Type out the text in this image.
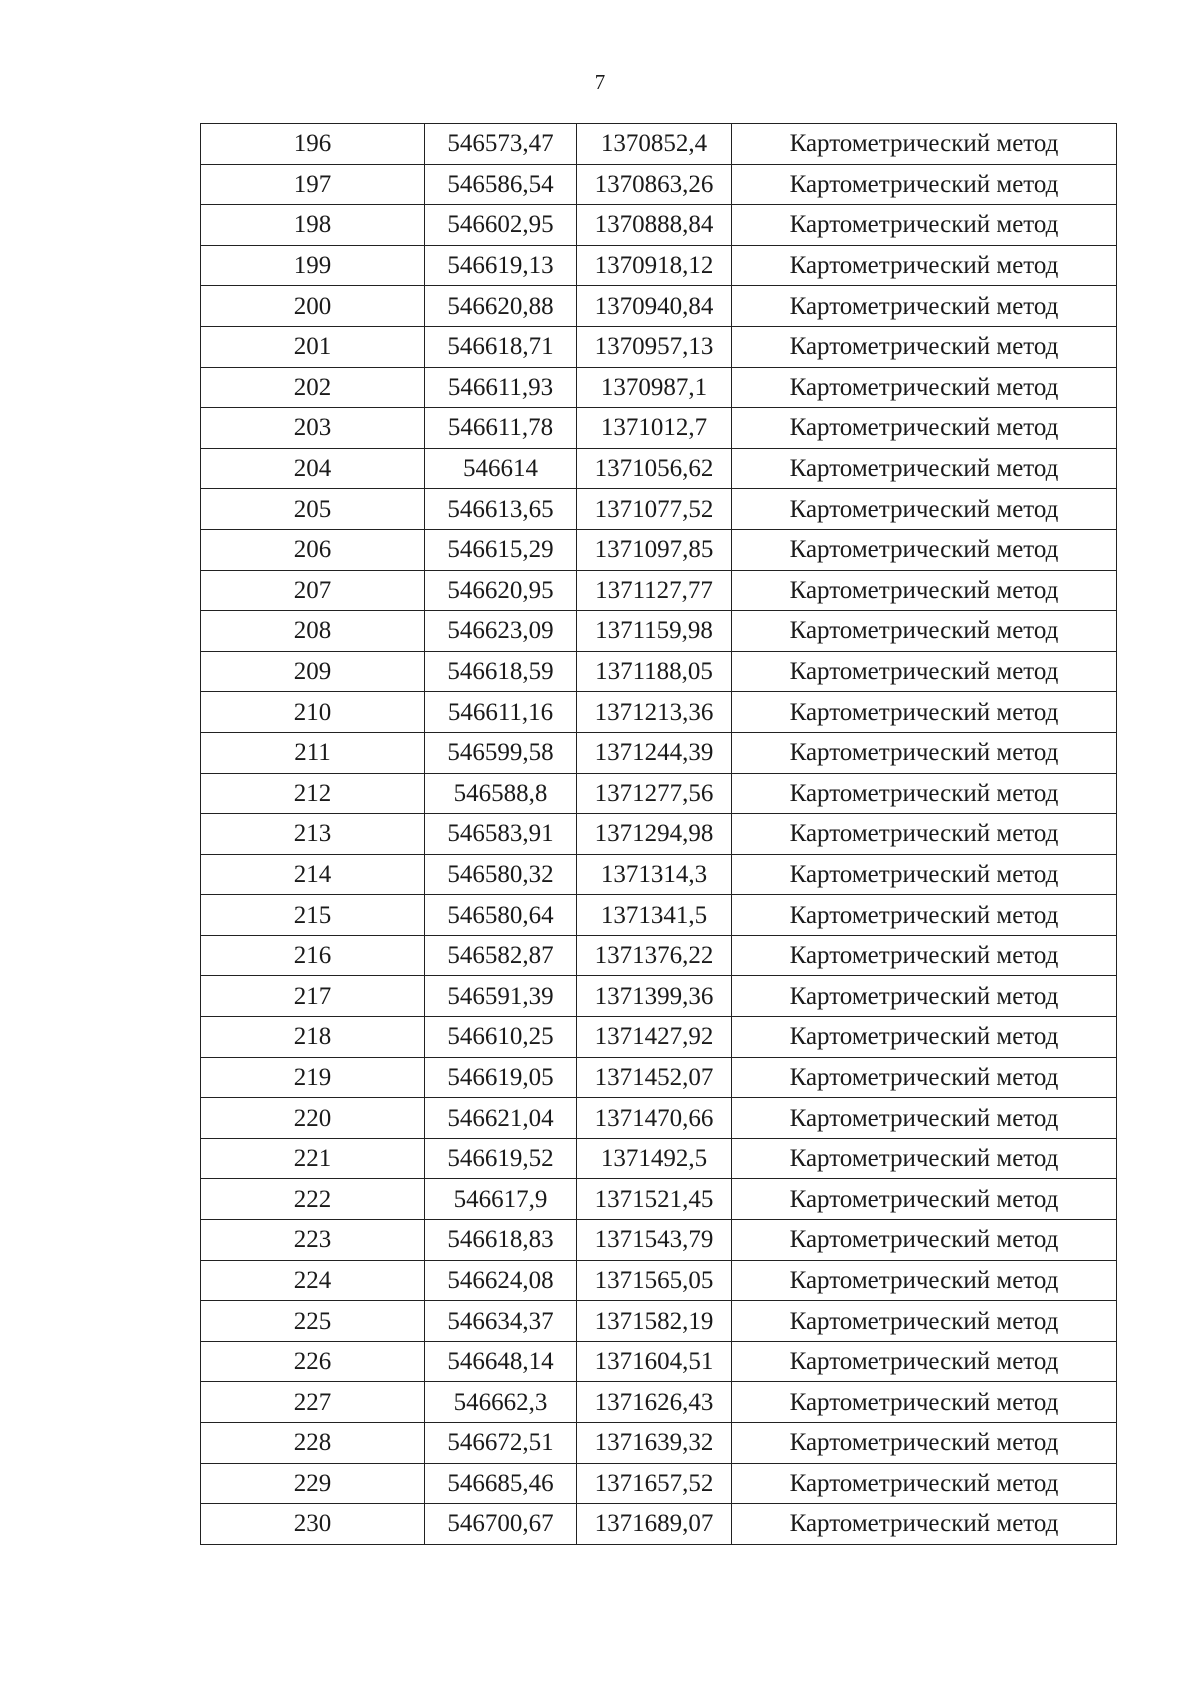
7
196	546573,47	1370852,4	Картометрический метод
197	546586,54	1370863,26	Картометрический метод
198	546602,95	1370888,84	Картометрический метод
199	546619,13	1370918,12	Картометрический метод
200	546620,88	1370940,84	Картометрический метод
201	546618,71	1370957,13	Картометрический метод
202	546611,93	1370987,1	Картометрический метод
203	546611,78	1371012,7	Картометрический метод
204	546614	1371056,62	Картометрический метод
205	546613,65	1371077,52	Картометрический метод
206	546615,29	1371097,85	Картометрический метод
207	546620,95	1371127,77	Картометрический метод
208	546623,09	1371159,98	Картометрический метод
209	546618,59	1371188,05	Картометрический метод
210	546611,16	1371213,36	Картометрический метод
211	546599,58	1371244,39	Картометрический метод
212	546588,8	1371277,56	Картометрический метод
213	546583,91	1371294,98	Картометрический метод
214	546580,32	1371314,3	Картометрический метод
215	546580,64	1371341,5	Картометрический метод
216	546582,87	1371376,22	Картометрический метод
217	546591,39	1371399,36	Картометрический метод
218	546610,25	1371427,92	Картометрический метод
219	546619,05	1371452,07	Картометрический метод
220	546621,04	1371470,66	Картометрический метод
221	546619,52	1371492,5	Картометрический метод
222	546617,9	1371521,45	Картометрический метод
223	546618,83	1371543,79	Картометрический метод
224	546624,08	1371565,05	Картометрический метод
225	546634,37	1371582,19	Картометрический метод
226	546648,14	1371604,51	Картометрический метод
227	546662,3	1371626,43	Картометрический метод
228	546672,51	1371639,32	Картометрический метод
229	546685,46	1371657,52	Картометрический метод
230	546700,67	1371689,07	Картометрический метод
